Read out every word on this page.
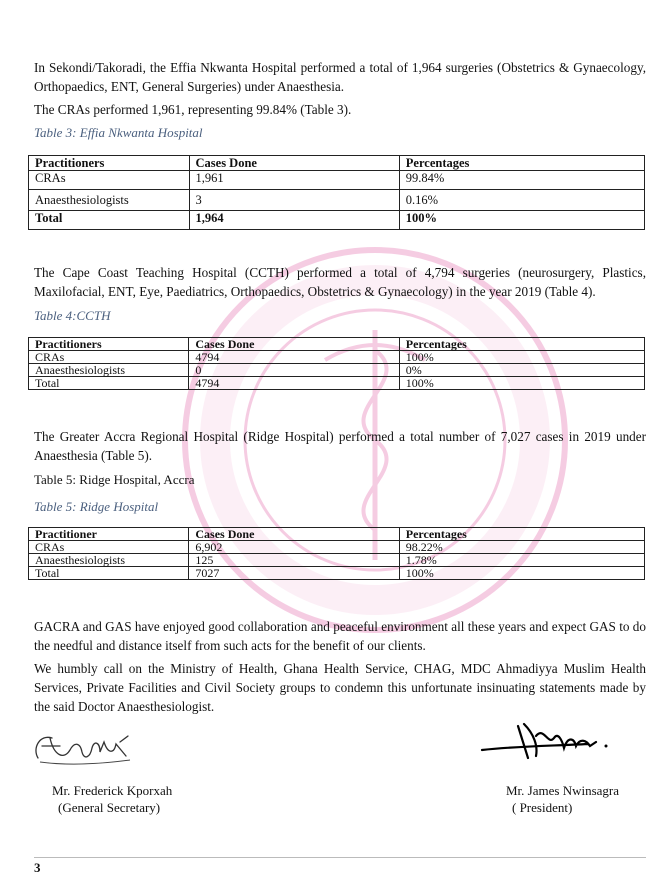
In Sekondi/Takoradi, the Effia Nkwanta Hospital performed a total of 1,964 surgeries (Obstetrics & Gynaecology, Orthopaedics, ENT, General Surgeries) under Anaesthesia.

The CRAs performed 1,961, representing 99.84% (Table 3).

Table 3: Effia Nkwanta Hospital

Practitioners	Cases Done	Percentages
CRAs	1,961	99.84%
Anaesthesiologists	3	0.16%
Total	1,964	100%

The Cape Coast Teaching Hospital (CCTH) performed a total of 4,794 surgeries (neurosurgery, Plastics, Maxilofacial, ENT, Eye, Paediatrics, Orthopaedics, Obstetrics & Gynaecology) in the year 2019 (Table 4).

Table 4:CCTH

Practitioners	Cases Done	Percentages
CRAs	4794	100%
Anaesthesiologists	0	0%
Total	4794	100%

The Greater Accra Regional Hospital (Ridge Hospital) performed a total number of 7,027 cases in 2019 under Anaesthesia (Table 5).

Table 5: Ridge Hospital, Accra

Table 5: Ridge Hospital

Practitioner	Cases Done	Percentages
CRAs	6,902	98.22%
Anaesthesiologists	125	1.78%
Total	7027	100%

GACRA and GAS have enjoyed good collaboration and peaceful environment all these years and expect GAS to do the needful and distance itself from such acts for the benefit of our clients.

We humbly call on the Ministry of Health, Ghana Health Service, CHAG, MDC Ahmadiyya Muslim Health Services, Private Facilities and Civil Society groups to condemn this unfortunate insinuating statements made by the said Doctor Anaesthesiologist.

Mr. Frederick Kporxah

(General Secretary)

Mr. James Nwinsagra

( President)

3
